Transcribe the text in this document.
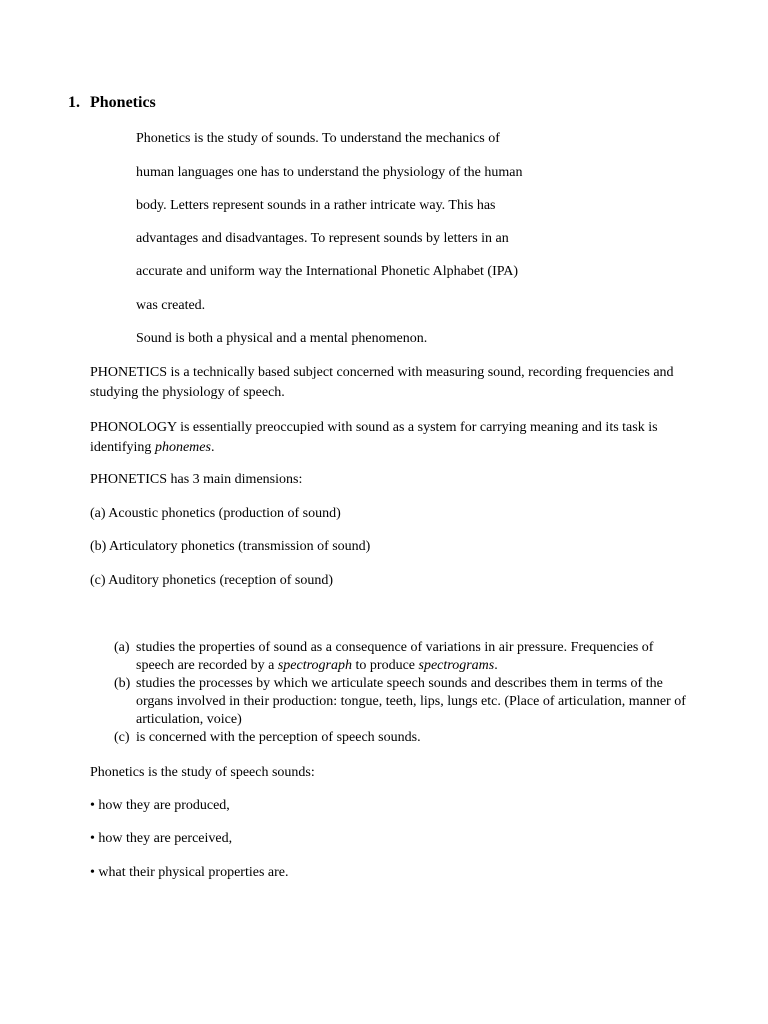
1. Phonetics
Phonetics is the study of sounds. To understand the mechanics of
human languages one has to understand the physiology of the human
body. Letters represent sounds in a rather intricate way. This has
advantages and disadvantages. To represent sounds by letters in an
accurate and uniform way the International Phonetic Alphabet (IPA)
was created.
Sound is both a physical and a mental phenomenon.
PHONETICS is a technically based subject concerned with measuring sound, recording frequencies and studying the physiology of speech.
PHONOLOGY is essentially preoccupied with sound as a system for carrying meaning and its task is identifying phonemes.
PHONETICS has 3 main dimensions:
(a) Acoustic phonetics (production of sound)
(b) Articulatory phonetics (transmission of sound)
(c) Auditory phonetics (reception of sound)
(a) studies the properties of sound as a consequence of variations in air pressure. Frequencies of speech are recorded by a spectrograph to produce spectrograms.
(b) studies the processes by which we articulate speech sounds and describes them in terms of the organs involved in their production: tongue, teeth, lips, lungs etc. (Place of articulation, manner of articulation, voice)
(c) is concerned with the perception of speech sounds.
Phonetics is the study of speech sounds:
• how they are produced,
• how they are perceived,
• what their physical properties are.
